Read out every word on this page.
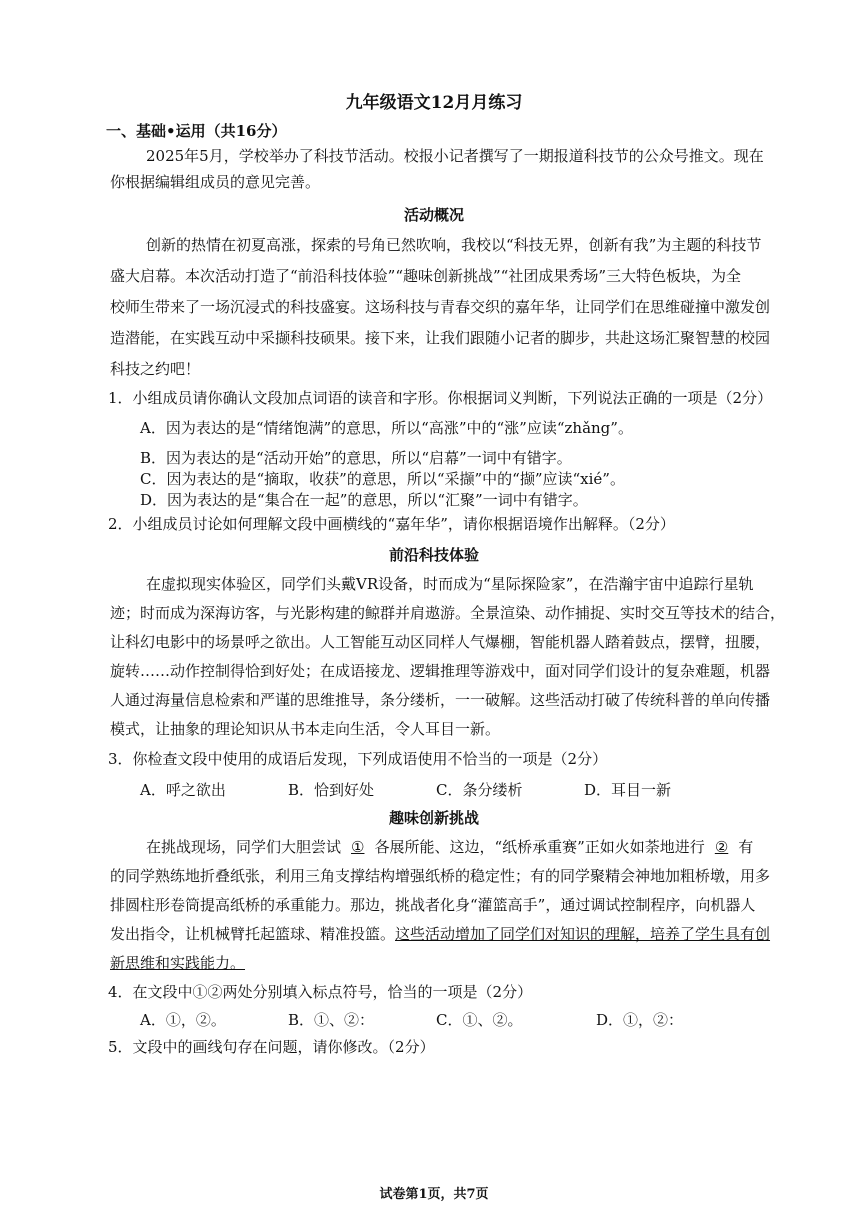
九年级语文12月月练习
一、基础•运用（共16分）
2025年5月，学校举办了科技节活动。校报小记者撰写了一期报道科技节的公众号推文。现在
你根据编辑组成员的意见完善。
活动概况
创新的热情在初夏高涨，探索的号角已然吹响，我校以“科技无界，创新有我”为主题的科技节
盛大启幕。本次活动打造了“前沿科技体验”“趣味创新挑战”“社团成果秀场”三大特色板块，为全
校师生带来了一场沉浸式的科技盛宴。这场科技与青春交织的嘉年华，让同学们在思维碰撞中激发创
造潜能，在实践互动中采撷科技硕果。接下来，让我们跟随小记者的脚步，共赴这场汇聚智慧的校园
科技之约吧！
1．小组成员请你确认文段加点词语的读音和字形。你根据词义判断，下列说法正确的一项是（2分）
A．因为表达的是“情绪饱满”的意思，所以“高涨”中的“涨”应读“zhǎng”。
B．因为表达的是“活动开始”的意思，所以“启幕”一词中有错字。
C．因为表达的是“摘取，收获”的意思，所以“采撷”中的“撷”应读“xié”。
D．因为表达的是“集合在一起”的意思，所以“汇聚”一词中有错字。
2．小组成员讨论如何理解文段中画横线的“嘉年华”，请你根据语境作出解释。（2分）
前沿科技体验
在虚拟现实体验区，同学们头戴VR设备，时而成为“星际探险家”，在浩瀚宇宙中追踪行星轨
迹；时而成为深海访客，与光影构建的鲸群并肩遨游。全景渲染、动作捕捉、实时交互等技术的结合，
让科幻电影中的场景呼之欲出。人工智能互动区同样人气爆棚，智能机器人踏着鼓点，摆臂，扭腰，
旋转……动作控制得恰到好处；在成语接龙、逻辑推理等游戏中，面对同学们设计的复杂难题，机器
人通过海量信息检索和严谨的思维推导，条分缕析，一一破解。这些活动打破了传统科普的单向传播
模式，让抽象的理论知识从书本走向生活，令人耳目一新。
3．你检查文段中使用的成语后发现，下列成语使用不恰当的一项是（2分）
A．呼之欲出	B．恰到好处	C．条分缕析	D．耳目一新
趣味创新挑战
在挑战现场，同学们大胆尝试 ① 各展所能、这边，“纸桥承重赛”正如火如荼地进行 ② 有
的同学熟练地折叠纸张，利用三角支撑结构增强纸桥的稳定性；有的同学聚精会神地加粗桥墩，用多
排圆柱形卷筒提高纸桥的承重能力。那边，挑战者化身“灌篮高手”，通过调试控制程序，向机器人
发出指令，让机械臂托起篮球、精准投篮。这些活动增加了同学们对知识的理解，培养了学生具有创
新思维和实践能力。
4．在文段中①②两处分别填入标点符号，恰当的一项是（2分）
A．①，②。	B．①、②：	C．①、②。	D．①，②：
5．文段中的画线句存在问题，请你修改。（2分）
试卷第1页，共7页
